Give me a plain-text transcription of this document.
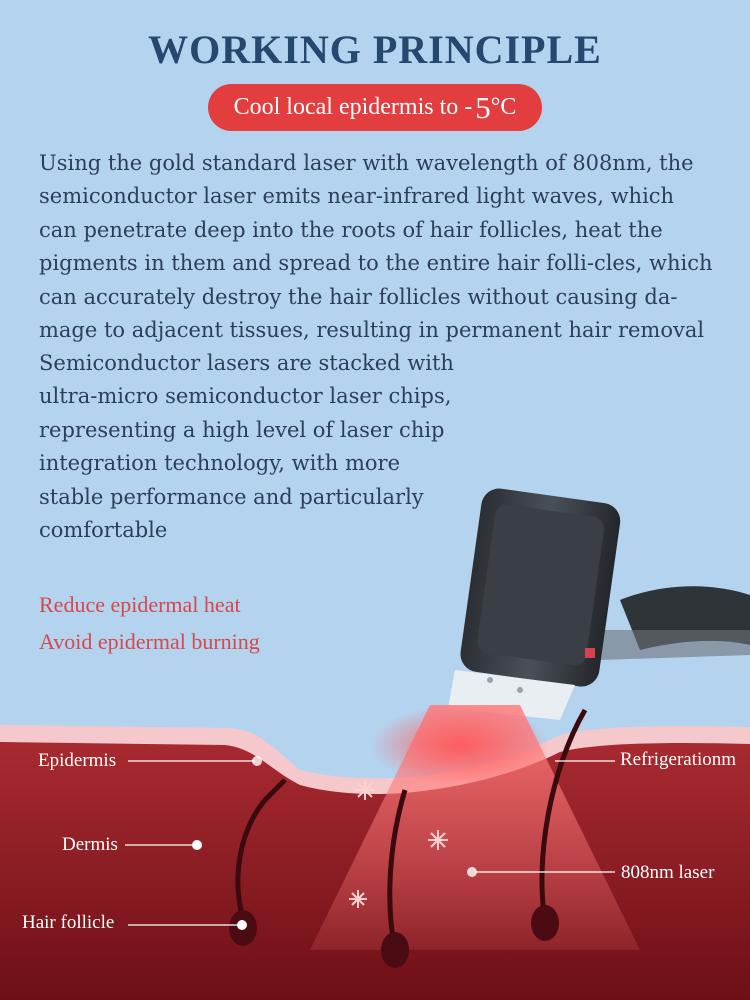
WORKING PRINCIPLE
Cool local epidermis to - 5 °C
Using the gold standard laser with wavelength of 808nm, the
semiconductor laser emits near-infrared light waves, which
can penetrate deep into the roots of hair follicles, heat the
pigments in them and spread to the entire hair folli-cles, which
can accurately destroy the hair follicles without causing da-
mage to adjacent tissues, resulting in permanent hair removal
Semiconductor lasers are stacked with
ultra-micro semiconductor laser chips,
representing a high level of laser chip
integration technology, with more
stable performance and particularly
comfortable
Reduce epidermal heat
Avoid epidermal burning
Epidermis
Dermis
Hair follicle
Refrigerationm
808nm laser
